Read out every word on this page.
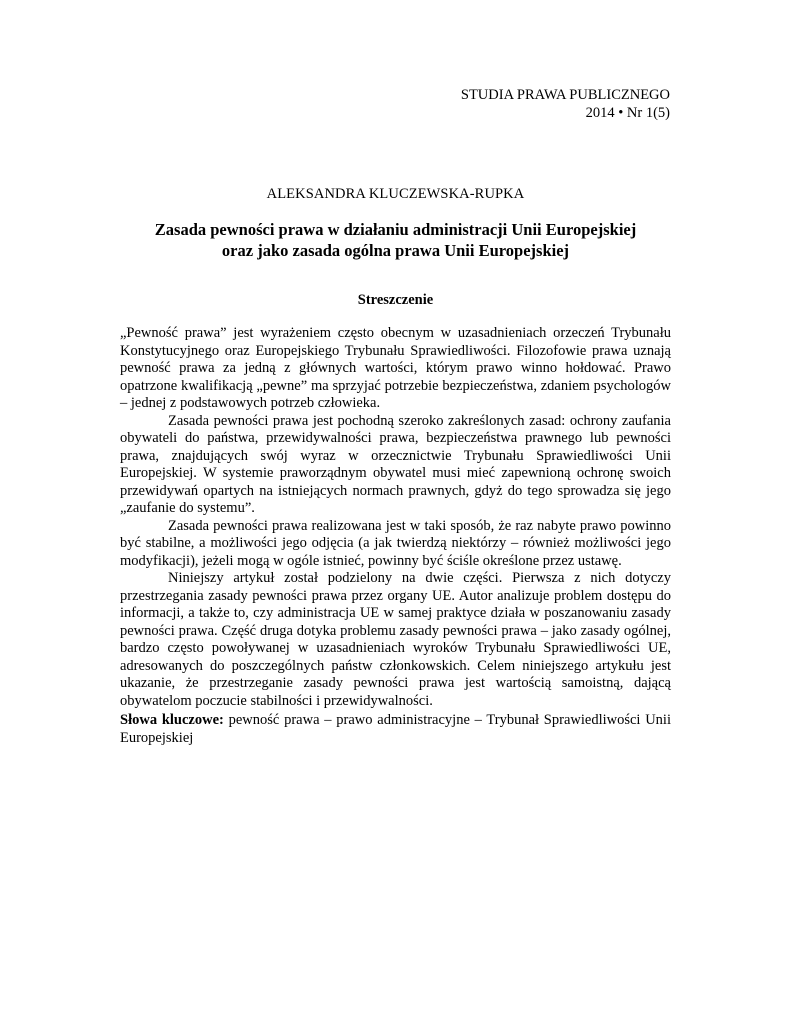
STUDIA PRAWA PUBLICZNEGO
2014 • Nr 1(5)
ALEKSANDRA KLUCZEWSKA-RUPKA
Zasada pewności prawa w działaniu administracji Unii Europejskiej
oraz jako zasada ogólna prawa Unii Europejskiej
Streszczenie

„Pewność prawa” jest wyrażeniem często obecnym w uzasadnieniach orzeczeń Trybunału Konstytucyjnego oraz Europejskiego Trybunału Sprawiedliwości. Filozofowie prawa uznają pewność prawa za jedną z głównych wartości, którym prawo winno hołdować. Prawo opatrzone kwalifikacją „pewne” ma sprzyjać potrzebie bezpieczeństwa, zdaniem psychologów – jednej z podstawowych potrzeb człowieka.

Zasada pewności prawa jest pochodną szeroko zakreślonych zasad: ochrony zaufania obywateli do państwa, przewidywalności prawa, bezpieczeństwa prawnego lub pewności prawa, znajdujących swój wyraz w orzecznictwie Trybunału Sprawiedliwości Unii Europejskiej. W systemie praworządnym obywatel musi mieć zapewnioną ochronę swoich przewidywań opartych na istniejących normach prawnych, gdyż do tego sprowadza się jego „zaufanie do systemu”.

Zasada pewności prawa realizowana jest w taki sposób, że raz nabyte prawo powinno być stabilne, a możliwości jego odjęcia (a jak twierdzą niektórzy – również możliwości jego modyfikacji), jeżeli mogą w ogóle istnieć, powinny być ściśle określone przez ustawę.

Niniejszy artykuł został podzielony na dwie części. Pierwsza z nich dotyczy przestrzegania zasady pewności prawa przez organy UE. Autor analizuje problem dostępu do informacji, a także to, czy administracja UE w samej praktyce działa w poszanowaniu zasady pewności prawa. Część druga dotyka problemu zasady pewności prawa – jako zasady ogólnej, bardzo często powoływanej w uzasadnieniach wyroków Trybunału Sprawiedliwości UE, adresowanych do poszczególnych państw członkowskich. Celem niniejszego artykułu jest ukazanie, że przestrzeganie zasady pewności prawa jest wartością samoistną, dającą obywatelom poczucie stabilności i przewidywalności.

Słowa kluczowe: pewność prawa – prawo administracyjne – Trybunał Sprawiedliwości Unii Europejskiej
